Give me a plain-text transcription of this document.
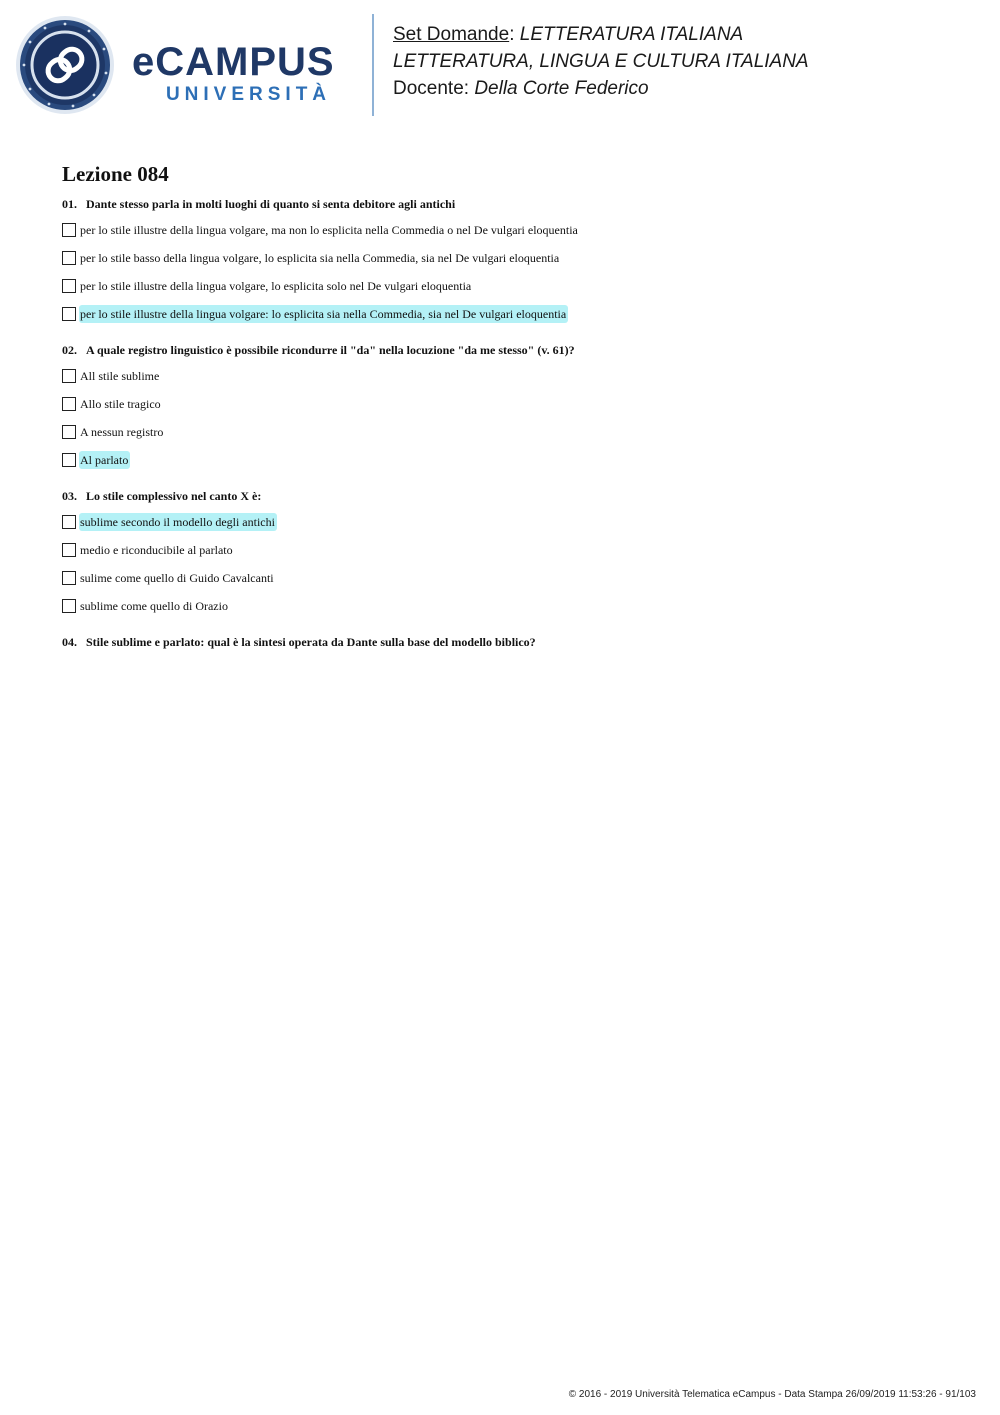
eCAMPUS
UNIVERSITÀ
Set Domande: LETTERATURA ITALIANA
LETTERATURA, LINGUA E CULTURA ITALIANA
Docente: Della Corte Federico
Lezione 084
01. Dante stesso parla in molti luoghi di quanto si senta debitore agli antichi
per lo stile illustre della lingua volgare, ma non lo esplicita nella Commedia o nel De vulgari eloquentia
per lo stile basso della lingua volgare, lo esplicita sia nella Commedia, sia nel De vulgari eloquentia
per lo stile illustre della lingua volgare, lo esplicita solo nel De vulgari eloquentia
per lo stile illustre della lingua volgare: lo esplicita sia nella Commedia, sia nel De vulgari eloquentia
02. A quale registro linguistico è possibile ricondurre il "da" nella locuzione "da me stesso" (v. 61)?
All stile sublime
Allo stile tragico
A nessun registro
Al parlato
03. Lo stile complessivo nel canto X è:
sublime secondo il modello degli antichi
medio e riconducibile al parlato
sulime come quello di Guido Cavalcanti
sublime come quello di Orazio
04. Stile sublime e parlato: qual è la sintesi operata da Dante sulla base del modello biblico?
© 2016 - 2019 Università Telematica eCampus - Data Stampa 26/09/2019 11:53:26 - 91/103
